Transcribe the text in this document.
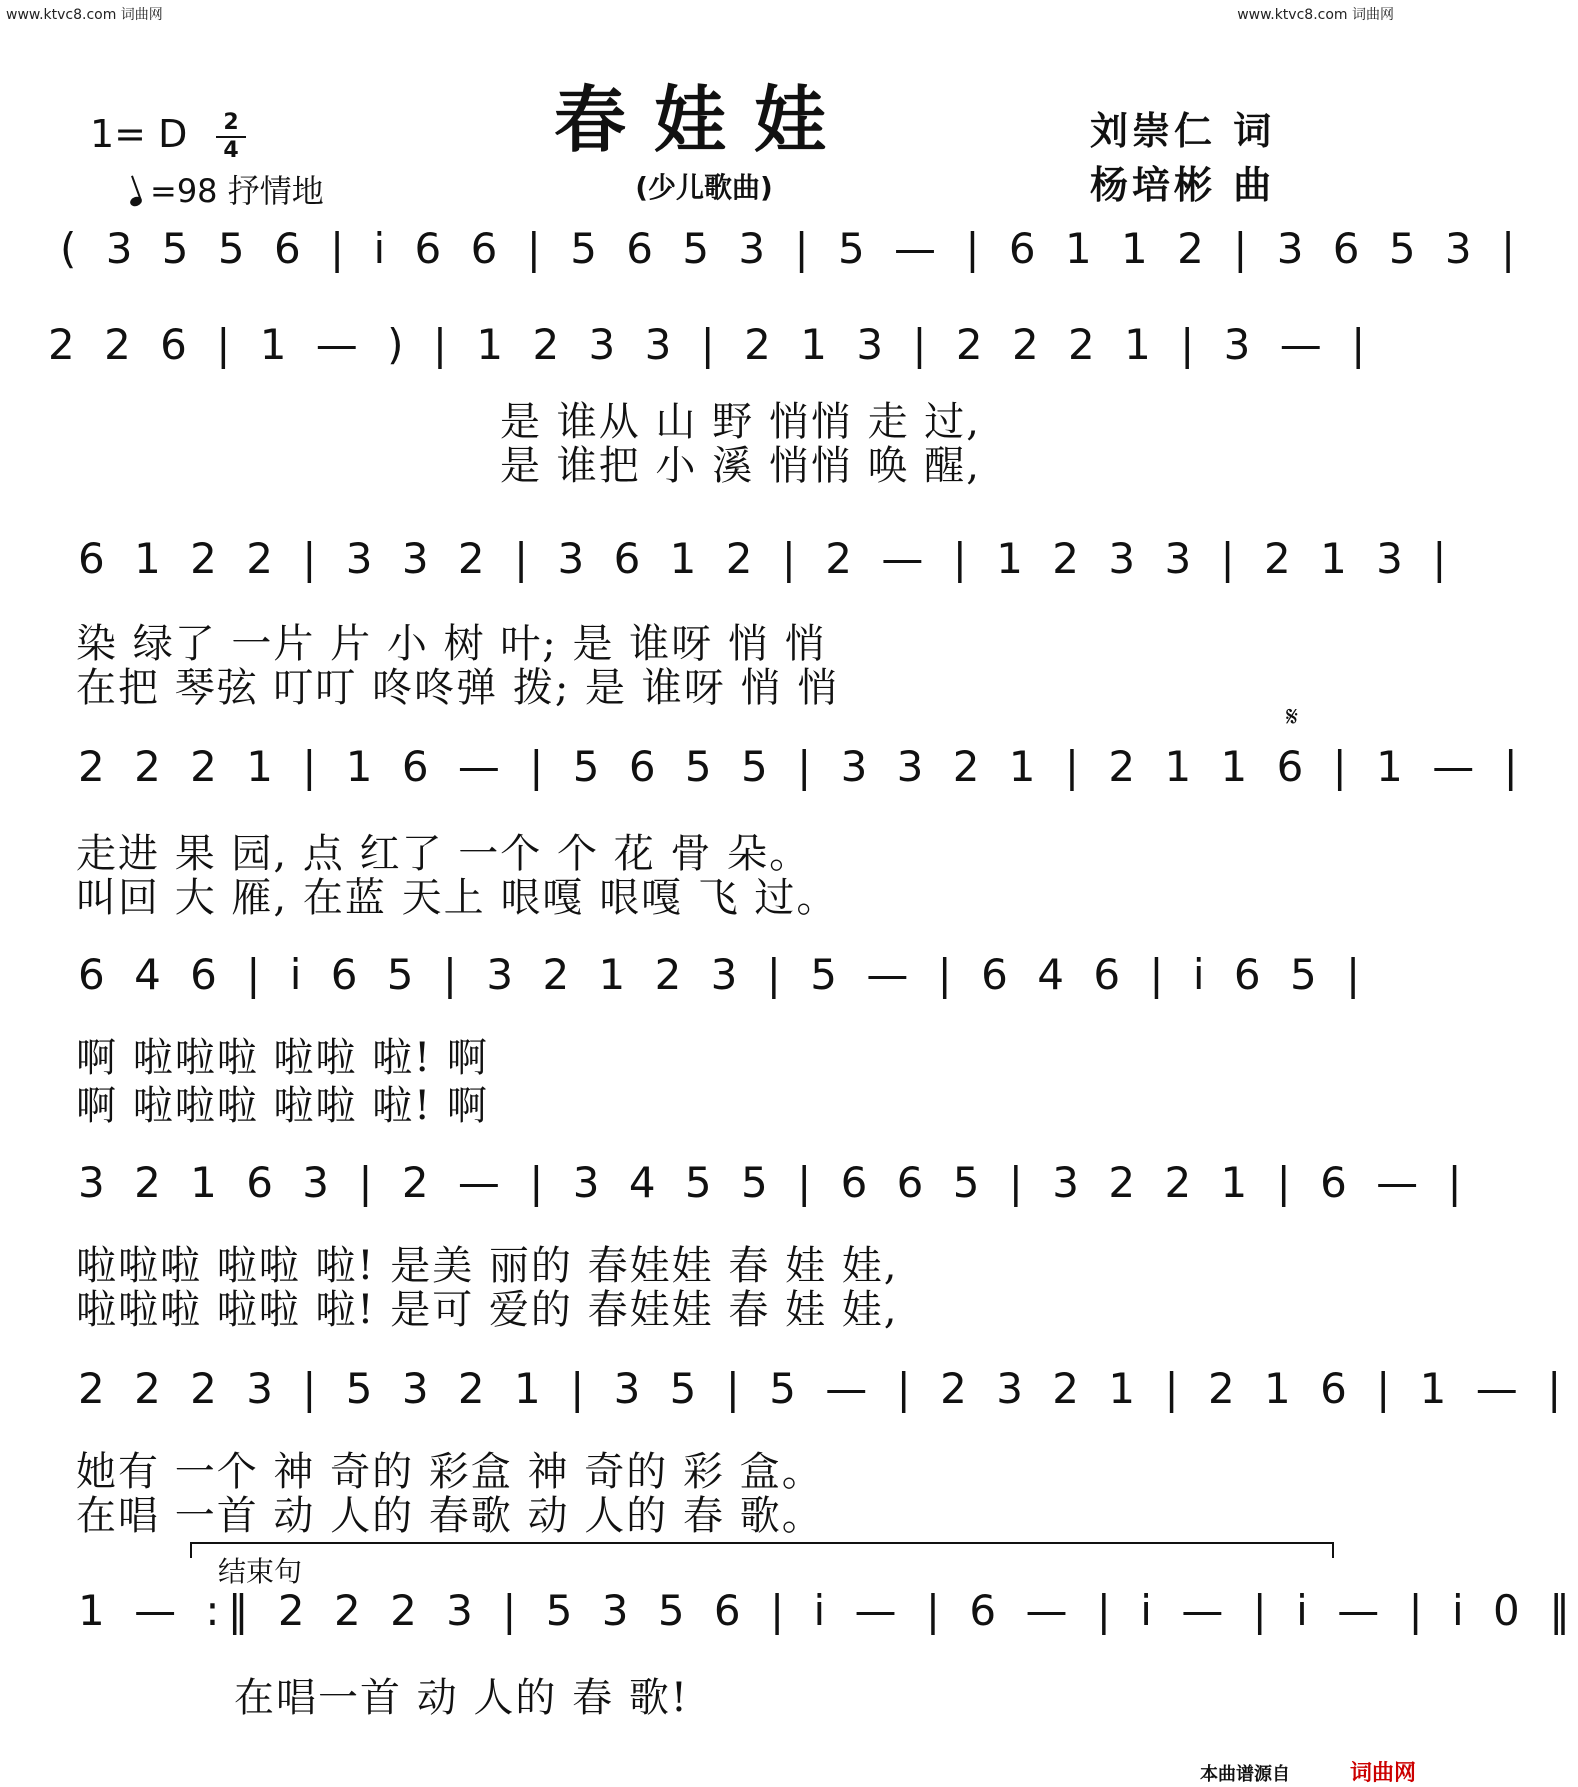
www.ktvc8.com 词曲网	www.ktvc8.com 词曲网
春娃娃
(少儿歌曲)
1= D	2
4
=98 抒情地
刘崇仁 词
杨培彬 曲
( 3 5 5 6 | i 6 6 | 5 6 5 3 | 5 — | 6 1 1 2 | 3 6 5 3 |
2 2 6 | 1 — ) | 1 2 3 3 | 2 1 3 | 2 2 2 1 | 3 — |
6 1 2 2 | 3 3 2 | 3 6 1 2 | 2 — | 1 2 3 3 | 2 1 3 |
2 2 2 1 | 1 6 — | 5 6 5 5 | 3 3 2 1 | 2 1 1 6 | 1 — |
6 4 6 | i 6 5 | 3 2 1 2 3 | 5 — | 6 4 6 | i 6 5 |
3 2 1 6 3 | 2 — | 3 4 5 5 | 6 6 5 | 3 2 2 1 | 6 — |
2 2 2 3 | 5 3 2 1 | 3 5 | 5 — | 2 3 2 1 | 2 1 6 | 1 — |
1 — :‖ 2 2 2 3 | 5 3 5 6 | i — | 6 — | i — | i — | i 0 ‖
是 谁从 山 野 悄悄 走 过,
是 谁把 小 溪 悄悄 唤 醒,
染 绿了 一片 片 小 树 叶; 是 谁呀 悄 悄
在把 琴弦 叮叮 咚咚弹 拨; 是 谁呀 悄 悄
𝄋
走进 果 园, 点 红了 一个 个 花 骨 朵。
叫回 大 雁, 在蓝 天上 哏嘎 哏嘎 飞 过。
啊 啦啦啦 啦啦 啦! 啊
啊 啦啦啦 啦啦 啦! 啊
啦啦啦 啦啦 啦! 是美 丽的 春娃娃 春 娃 娃,
啦啦啦 啦啦 啦! 是可 爱的 春娃娃 春 娃 娃,
她有 一个 神 奇的 彩盒 神 奇的 彩 盒。
在唱 一首 动 人的 春歌 动 人的 春 歌。
结束句
在唱一首 动 人的 春 歌!
本曲谱源自	词曲网
